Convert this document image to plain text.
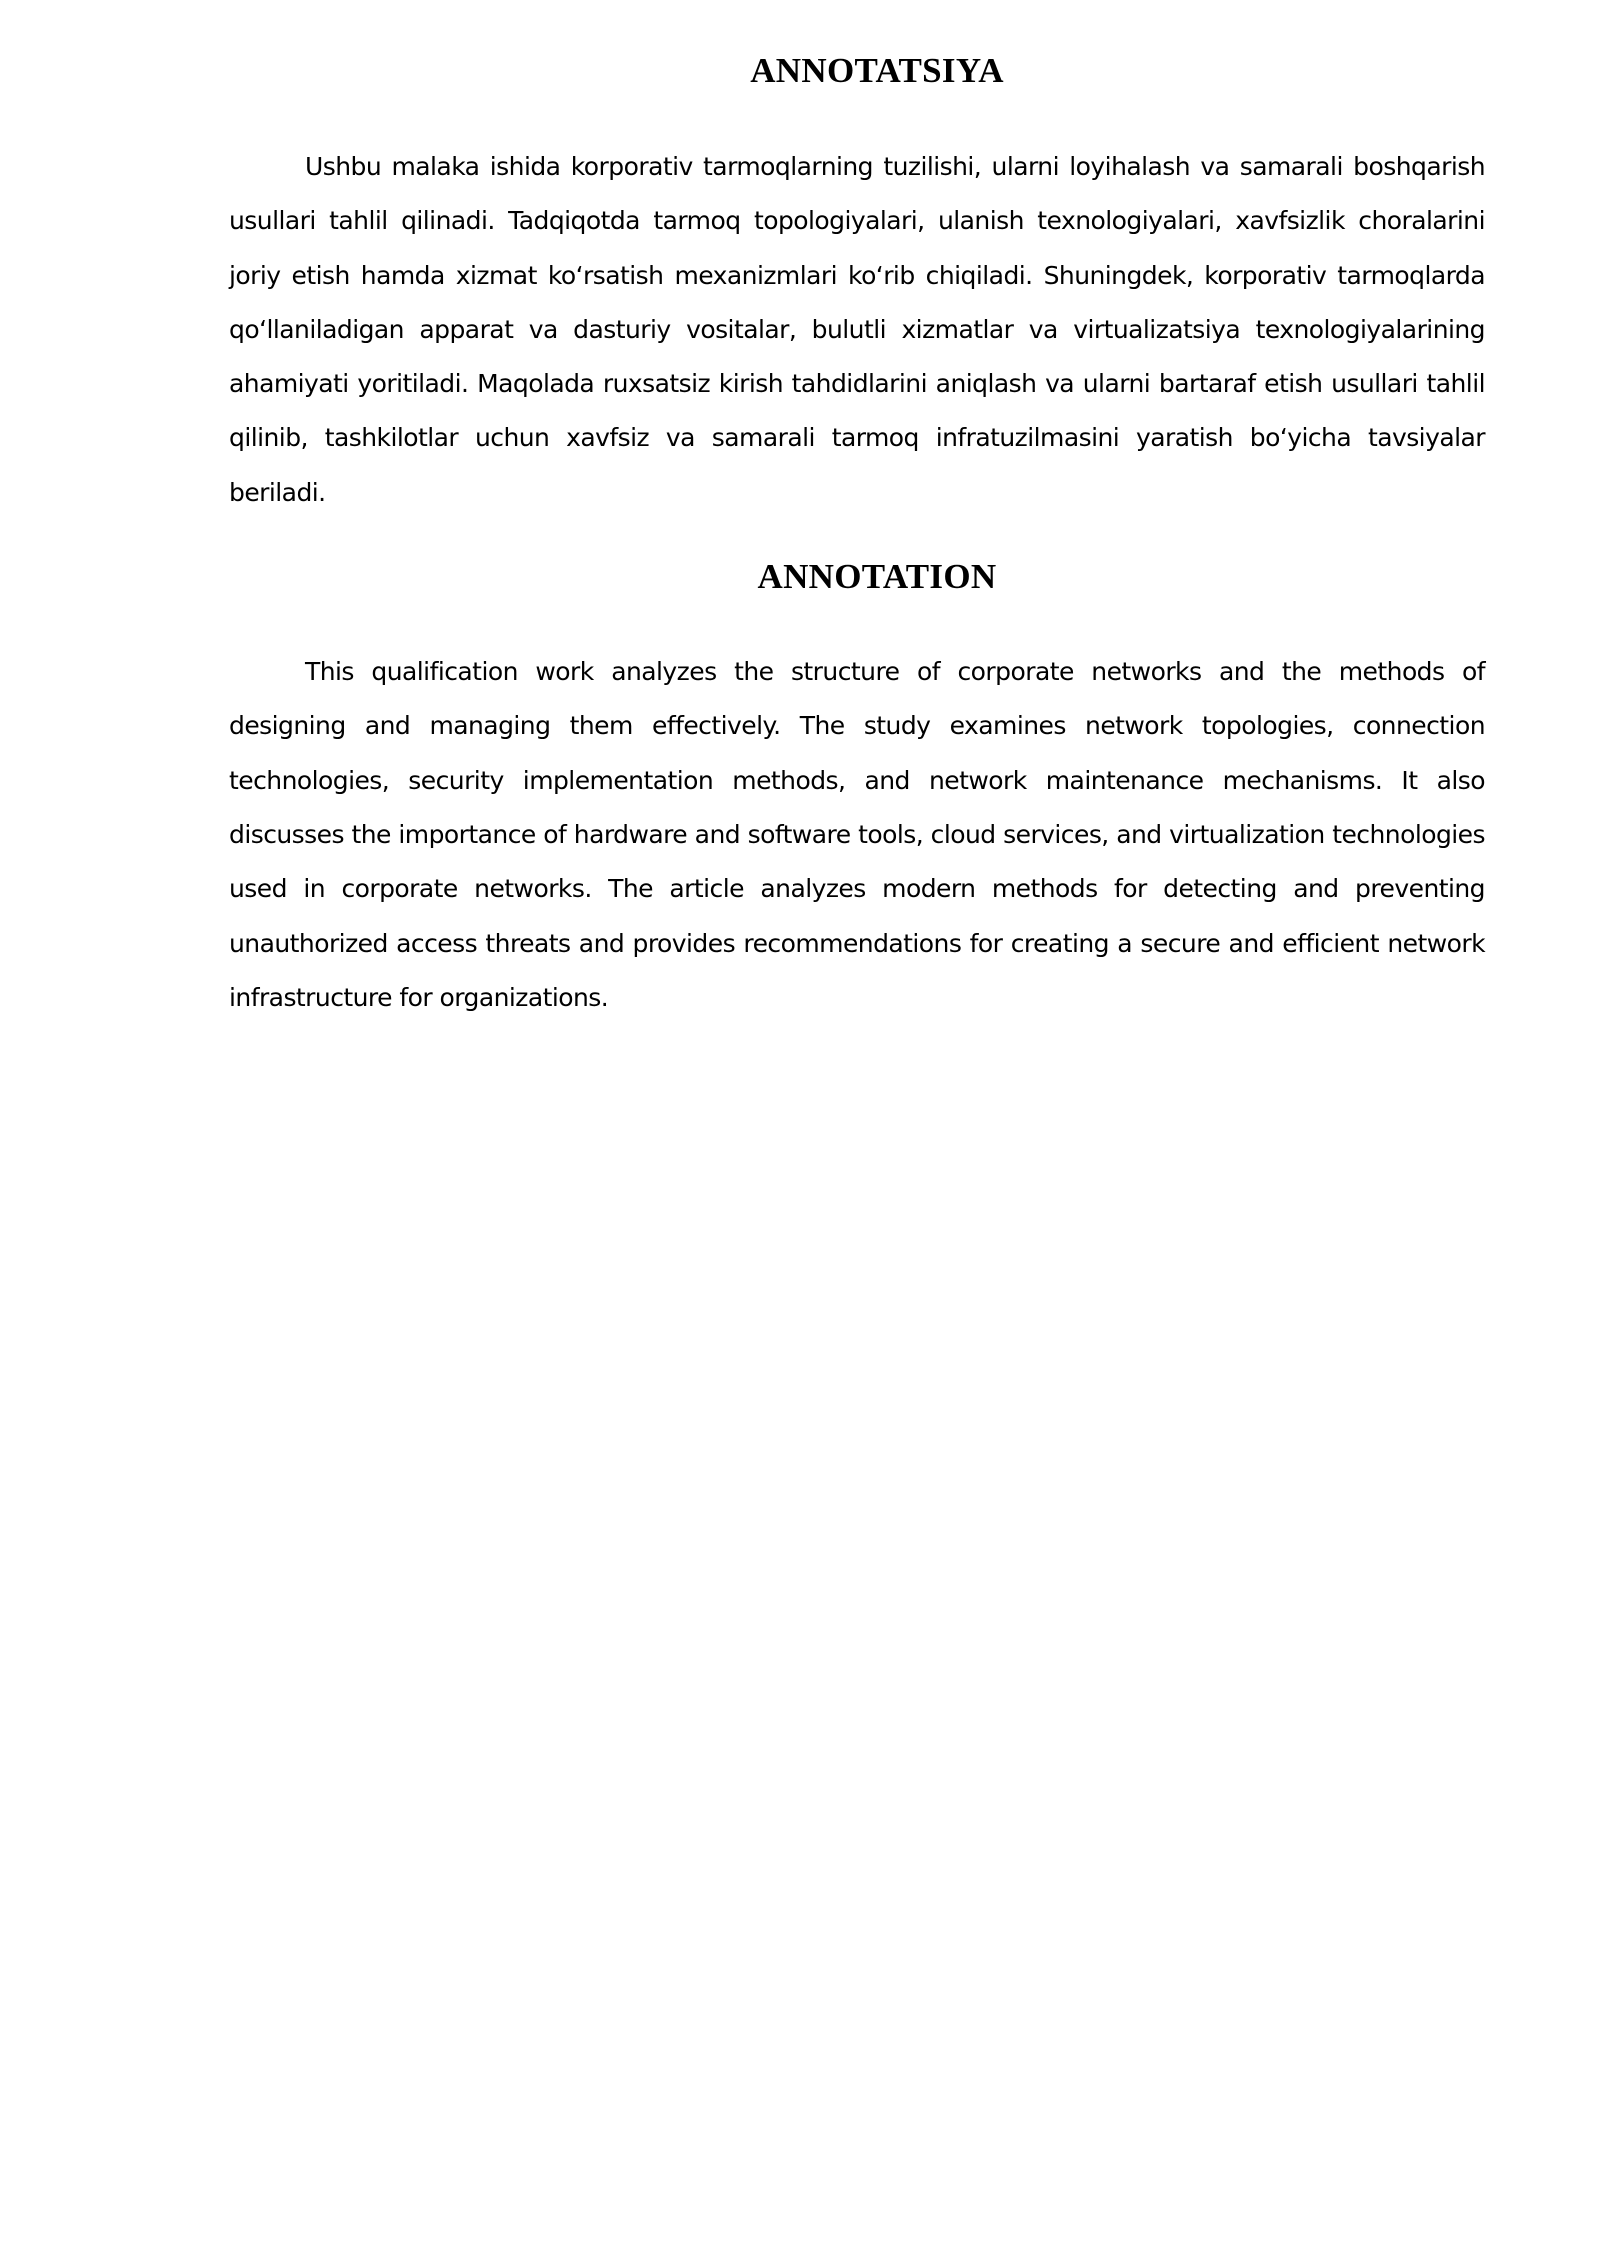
ANNOTATSIYA

Ushbu malaka ishida korporativ tarmoqlarning tuzilishi, ularni loyihalash va samarali boshqarish usullari tahlil qilinadi. Tadqiqotda tarmoq topologiyalari, ulanish texnologiyalari, xavfsizlik choralarini joriy etish hamda xizmat koʻrsatish mexanizmlari koʻrib chiqiladi. Shuningdek, korporativ tarmoqlarda qoʻllaniladigan apparat va dasturiy vositalar, bulutli xizmatlar va virtualizatsiya texnologiyalarining ahamiyati yoritiladi. Maqolada ruxsatsiz kirish tahdidlarini aniqlash va ularni bartaraf etish usullari tahlil qilinib, tashkilotlar uchun xavfsiz va samarali tarmoq infratuzilmasini yaratish boʻyicha tavsiyalar beriladi.

ANNOTATION

This qualification work analyzes the structure of corporate networks and the methods of designing and managing them effectively. The study examines network topologies, connection technologies, security implementation methods, and network maintenance mechanisms. It also discusses the importance of hardware and software tools, cloud services, and virtualization technologies used in corporate networks. The article analyzes modern methods for detecting and preventing unauthorized access threats and provides recommendations for creating a secure and efficient network infrastructure for organizations.
